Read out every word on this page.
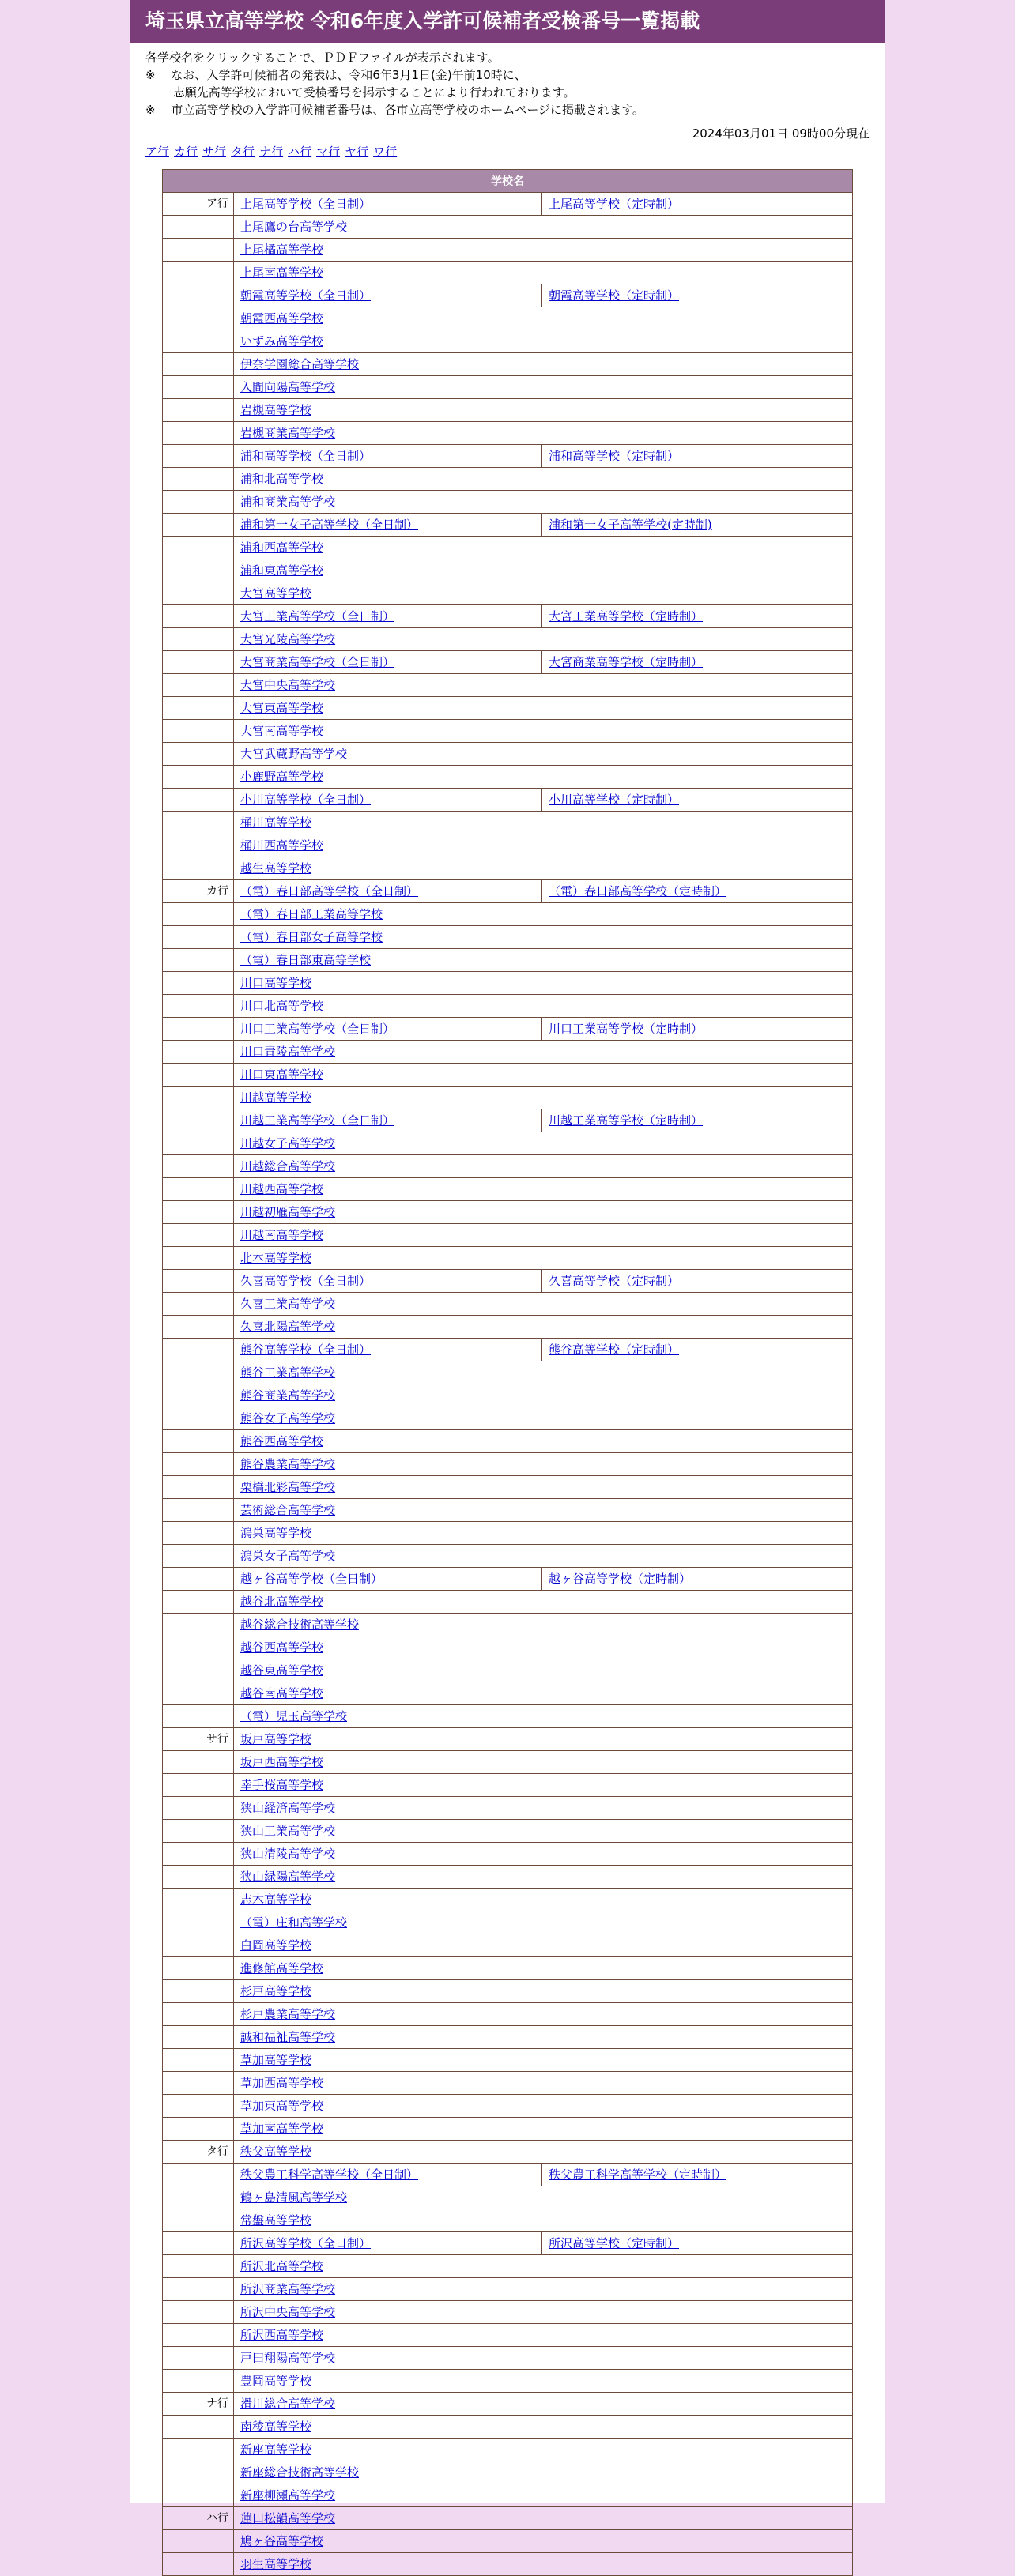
埼玉県立高等学校 令和6年度入学許可候補者受検番号一覧掲載
各学校名をクリックすることで、ＰＤＦファイルが表示されます。
※　 なお、入学許可候補者の発表は、令和6年3月1日(金)午前10時に、
　　 志願先高等学校において受検番号を掲示することにより行われております。
※　 市立高等学校の入学許可候補者番号は、各市立高等学校のホームページに掲載されます。
2024年03月01日 09時00分現在
ア行 カ行 サ行 タ行 ナ行 ハ行 マ行 ヤ行 ワ行
学校名
ア行	上尾高等学校（全日制）	上尾高等学校（定時制）
上尾鷹の台高等学校
上尾橘高等学校
上尾南高等学校
朝霞高等学校（全日制）	朝霞高等学校（定時制）
朝霞西高等学校
いずみ高等学校
伊奈学園総合高等学校
入間向陽高等学校
岩槻高等学校
岩槻商業高等学校
浦和高等学校（全日制）	浦和高等学校（定時制）
浦和北高等学校
浦和商業高等学校
浦和第一女子高等学校（全日制）	浦和第一女子高等学校(定時制)
浦和西高等学校
浦和東高等学校
大宮高等学校
大宮工業高等学校（全日制）	大宮工業高等学校（定時制）
大宮光陵高等学校
大宮商業高等学校（全日制）	大宮商業高等学校（定時制）
大宮中央高等学校
大宮東高等学校
大宮南高等学校
大宮武蔵野高等学校
小鹿野高等学校
小川高等学校（全日制）	小川高等学校（定時制）
桶川高等学校
桶川西高等学校
越生高等学校
カ行	（電）春日部高等学校（全日制）	（電）春日部高等学校（定時制）
（電）春日部工業高等学校
（電）春日部女子高等学校
（電）春日部東高等学校
川口高等学校
川口北高等学校
川口工業高等学校（全日制）	川口工業高等学校（定時制）
川口青陵高等学校
川口東高等学校
川越高等学校
川越工業高等学校（全日制）	川越工業高等学校（定時制）
川越女子高等学校
川越総合高等学校
川越西高等学校
川越初雁高等学校
川越南高等学校
北本高等学校
久喜高等学校（全日制）	久喜高等学校（定時制）
久喜工業高等学校
久喜北陽高等学校
熊谷高等学校（全日制）	熊谷高等学校（定時制）
熊谷工業高等学校
熊谷商業高等学校
熊谷女子高等学校
熊谷西高等学校
熊谷農業高等学校
栗橋北彩高等学校
芸術総合高等学校
鴻巣高等学校
鴻巣女子高等学校
越ヶ谷高等学校（全日制）	越ヶ谷高等学校（定時制）
越谷北高等学校
越谷総合技術高等学校
越谷西高等学校
越谷東高等学校
越谷南高等学校
（電）児玉高等学校
サ行	坂戸高等学校
坂戸西高等学校
幸手桜高等学校
狭山経済高等学校
狭山工業高等学校
狭山清陵高等学校
狭山緑陽高等学校
志木高等学校
（電）庄和高等学校
白岡高等学校
進修館高等学校
杉戸高等学校
杉戸農業高等学校
誠和福祉高等学校
草加高等学校
草加西高等学校
草加東高等学校
草加南高等学校
タ行	秩父高等学校
秩父農工科学高等学校（全日制）	秩父農工科学高等学校（定時制）
鶴ヶ島清風高等学校
常盤高等学校
所沢高等学校（全日制）	所沢高等学校（定時制）
所沢北高等学校
所沢商業高等学校
所沢中央高等学校
所沢西高等学校
戸田翔陽高等学校
豊岡高等学校
ナ行	滑川総合高等学校
南稜高等学校
新座高等学校
新座総合技術高等学校
新座柳瀬高等学校
ハ行	蓮田松韻高等学校
鳩ヶ谷高等学校
羽生高等学校
